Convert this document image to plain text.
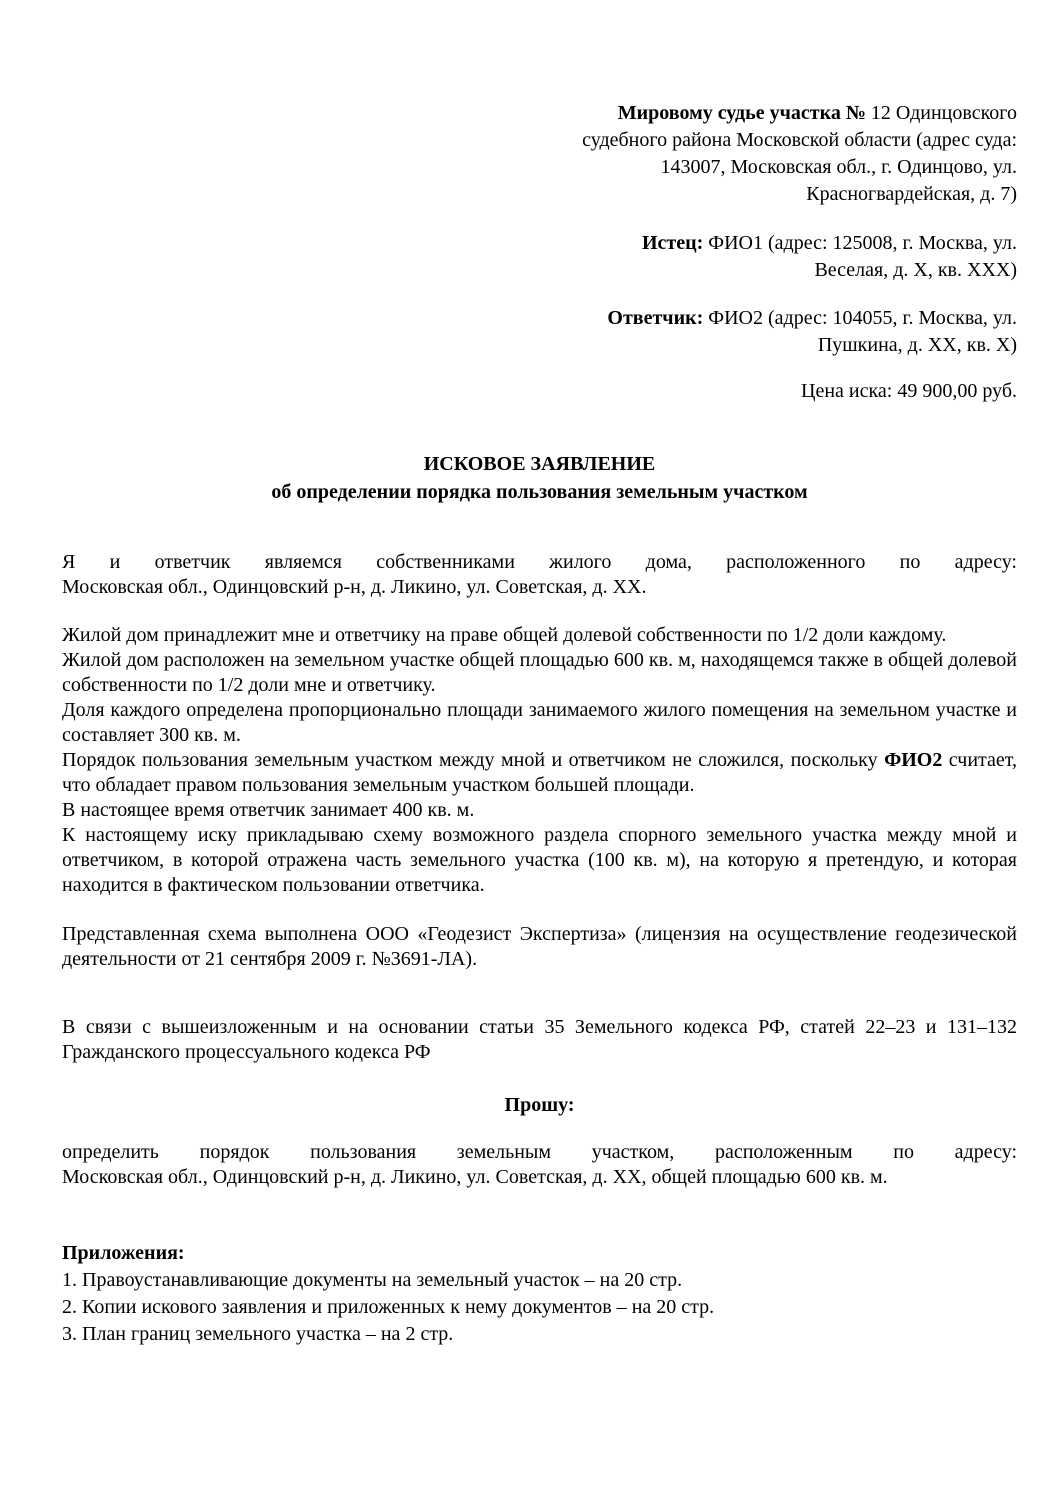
Мировому судье участка № 12 Одинцовского судебного района Московской области (адрес суда: 143007, Московская обл., г. Одинцово, ул. Красногвардейская, д. 7)

Истец: ФИО1 (адрес: 125008, г. Москва, ул. Веселая, д. X, кв. XXX)

Ответчик: ФИО2 (адрес: 104055, г. Москва, ул. Пушкина, д. XX, кв. X)

Цена иска: 49 900,00 руб.

ИСКОВОЕ ЗАЯВЛЕНИЕ

об определении порядка пользования земельным участком

Я и ответчик являемся собственниками жилого дома, расположенного по адресу:
Московская обл., Одинцовский р-н, д. Ликино, ул. Советская, д. XX.

Жилой дом принадлежит мне и ответчику на праве общей долевой собственности по 1/2 доли каждому.

Жилой дом расположен на земельном участке общей площадью 600 кв. м, находящемся также в общей долевой собственности по 1/2 доли мне и ответчику.

Доля каждого определена пропорционально площади занимаемого жилого помещения на земельном участке и составляет 300 кв. м.

Порядок пользования земельным участком между мной и ответчиком не сложился, поскольку ФИО2 считает, что обладает правом пользования земельным участком большей площади.

В настоящее время ответчик занимает 400 кв. м.

К настоящему иску прикладываю схему возможного раздела спорного земельного участка между мной и ответчиком, в которой отражена часть земельного участка (100 кв. м), на которую я претендую, и которая находится в фактическом пользовании ответчика.

Представленная схема выполнена ООО «Геодезист Экспертиза» (лицензия на осуществление геодезической деятельности от 21 сентября 2009 г. №3691-ЛА).

В связи с вышеизложенным и на основании статьи 35 Земельного кодекса РФ, статей 22–23 и 131–132 Гражданского процессуального кодекса РФ

Прошу:

определить порядок пользования земельным участком, расположенным по адресу:
Московская обл., Одинцовский р-н, д. Ликино, ул. Советская, д. XX, общей площадью 600 кв. м.

Приложения:

1. Правоустанавливающие документы на земельный участок – на 20 стр.

2. Копии искового заявления и приложенных к нему документов – на 20 стр.

3. План границ земельного участка – на 2 стр.
